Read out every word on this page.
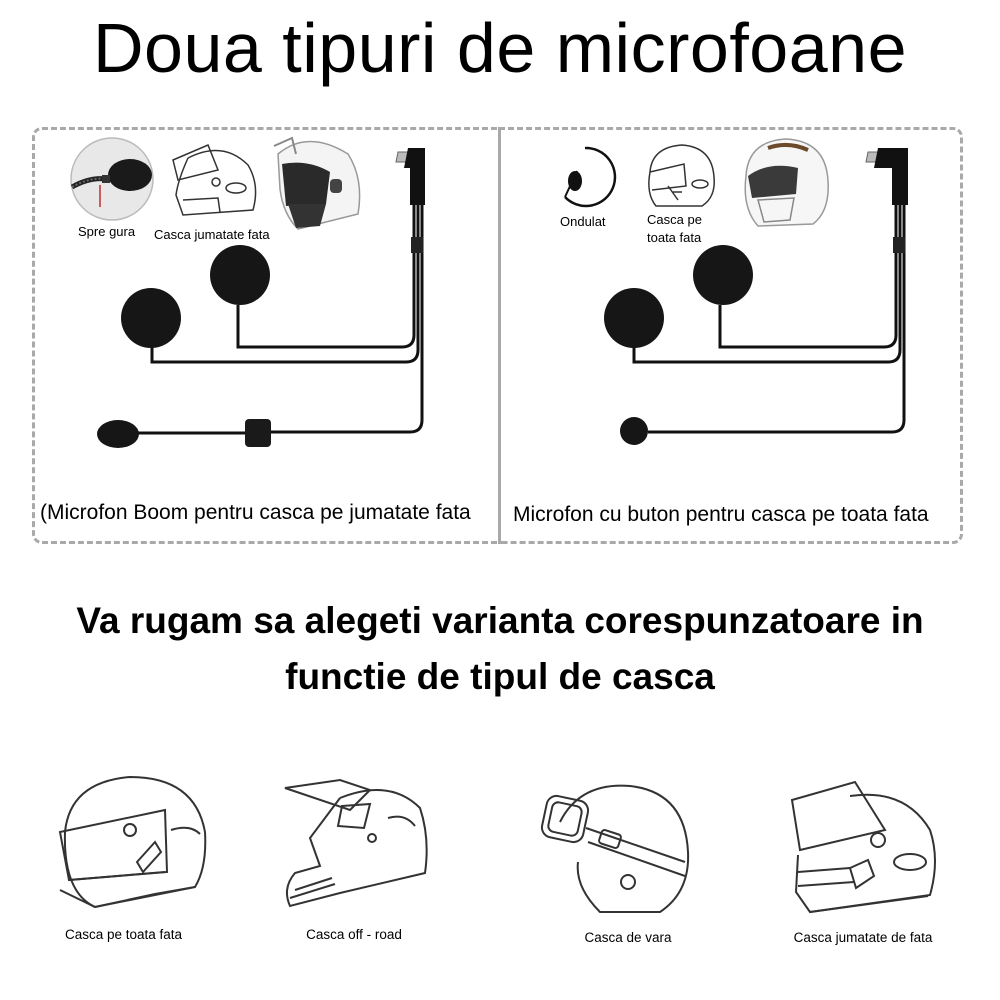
Doua tipuri de microfoane
Spre gura Casca jumatate fata
(Microfon Boom pentru casca pe jumatate fata
Ondulat	Casca pe
toata fata
Microfon cu buton pentru casca pe toata fata
Va rugam sa alegeti varianta corespunzatoare in
functie de tipul de casca
Casca pe toata fata	Casca off - road	Casca de vara	Casca jumatate de fata
